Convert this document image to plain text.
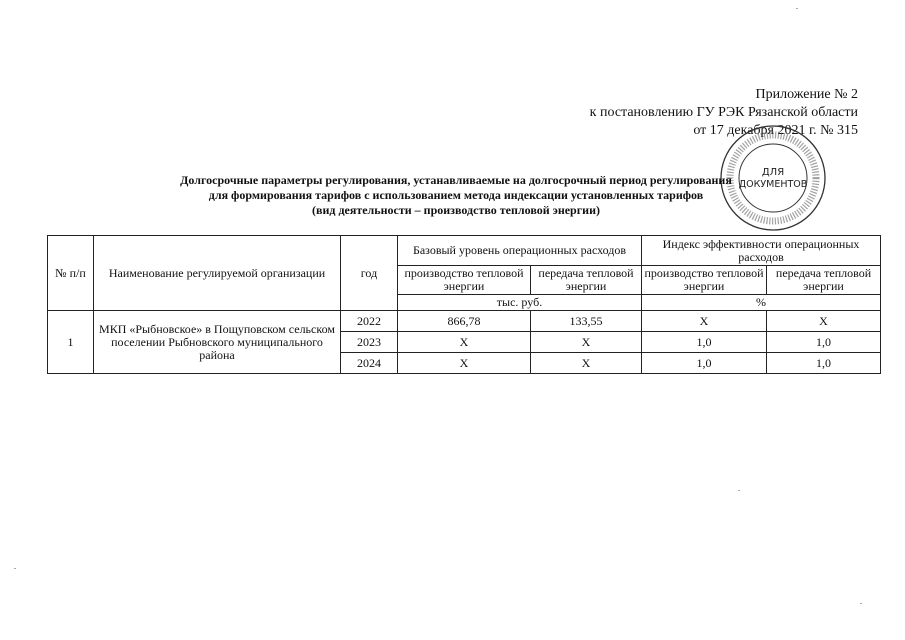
Приложение № 2
к постановлению ГУ РЭК Рязанской области
от 17 декабря 2021 г. № 315
ДЛЯ
ДОКУМЕНТОВ
Долгосрочные параметры регулирования, устанавливаемые на долгосрочный период регулирования
для формирования тарифов с использованием метода индексации установленных тарифов
(вид деятельности – производство тепловой энергии)
№ п/п	Наименование регулируемой организации	год	Базовый уровень операционных расходов		Индекс эффективности операционных расходов	
			производство тепловой энергии	передача тепловой энергии	производство тепловой энергии	передача тепловой энергии
			тыс. руб.		%	
1	МКП «Рыбновское» в Пощуповском сельском поселении Рыбновского муниципального района	2022	866,78	133,55	Х	Х
		2023	Х	Х	1,0	1,0
		2024	Х	Х	1,0	1,0
